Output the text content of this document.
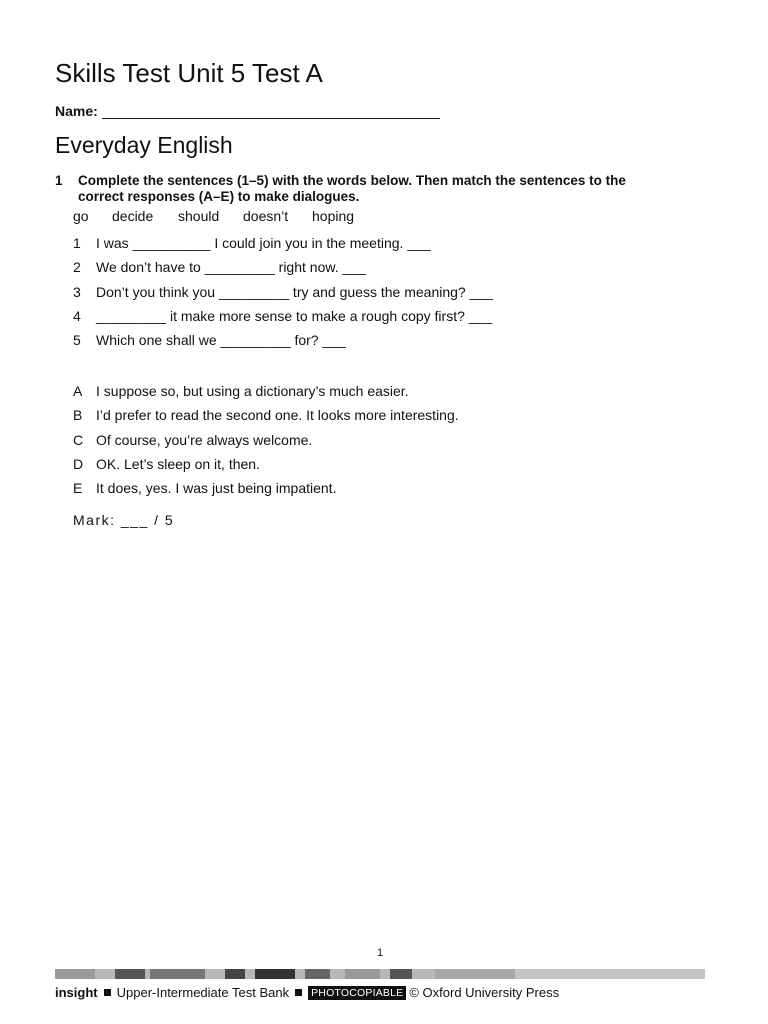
Skills Test Unit 5 Test A
Name:
Everyday English
1 Complete the sentences (1–5) with the words below. Then match the sentences to the correct responses (A–E) to make dialogues.
go	decide	should	doesn’t	hoping
1	I was __________ I could join you in the meeting. ___
2	We don’t have to _________ right now. ___
3	Don’t you think you _________ try and guess the meaning? ___
4	_________ it make more sense to make a rough copy first? ___
5	Which one shall we _________ for? ___
A I suppose so, but using a dictionary’s much easier.
B I’d prefer to read the second one. It looks more interesting.
C Of course, you’re always welcome.
D OK. Let’s sleep on it, then.
E It does, yes. I was just being impatient.
Mark: ___ / 5
1
insight Upper-Intermediate Test Bank PHOTOCOPIABLE © Oxford University Press
